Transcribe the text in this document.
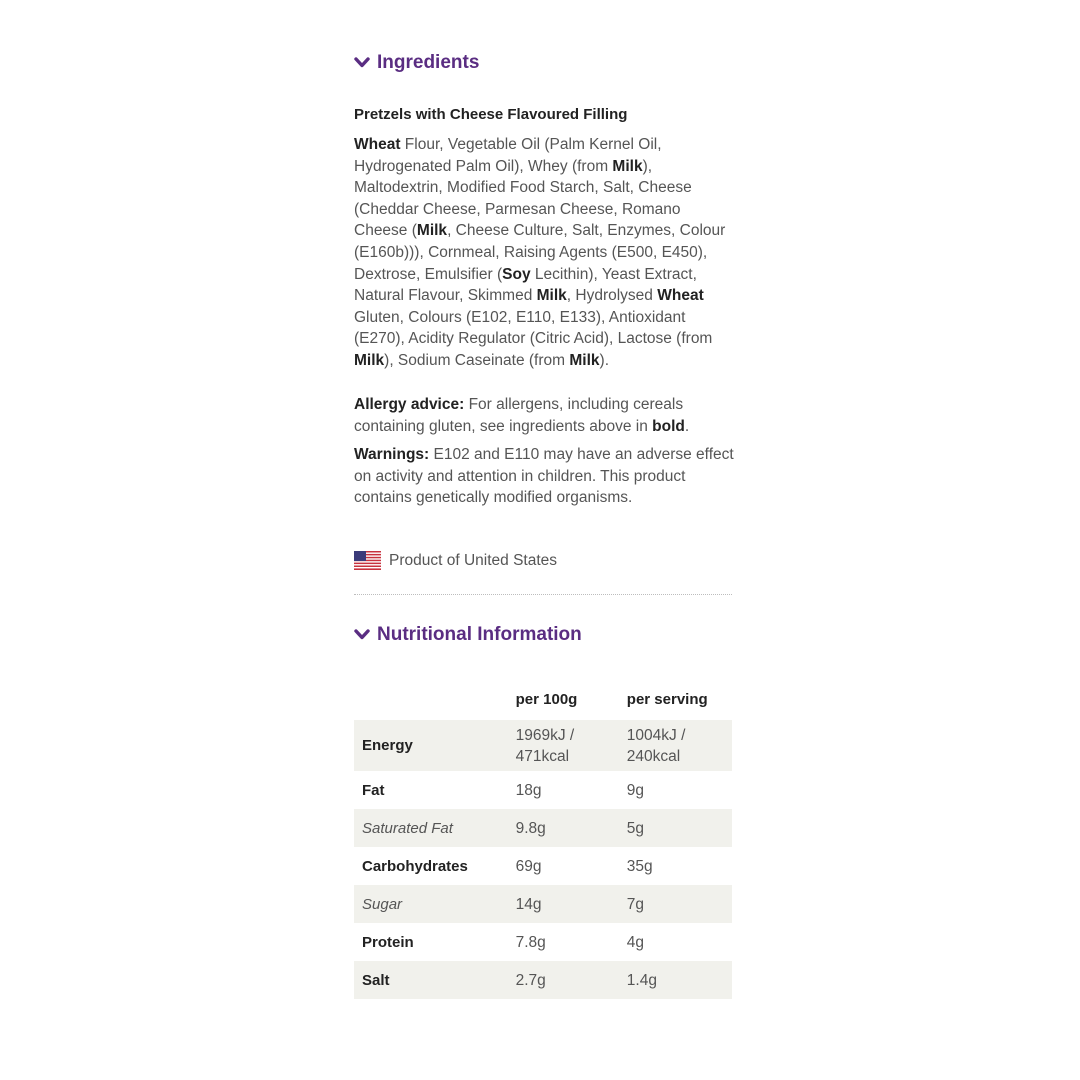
Ingredients
Pretzels with Cheese Flavoured Filling
Wheat Flour, Vegetable Oil (Palm Kernel Oil, Hydrogenated Palm Oil), Whey (from Milk), Maltodextrin, Modified Food Starch, Salt, Cheese (Cheddar Cheese, Parmesan Cheese, Romano Cheese (Milk, Cheese Culture, Salt, Enzymes, Colour (E160b))), Cornmeal, Raising Agents (E500, E450), Dextrose, Emulsifier (Soy Lecithin), Yeast Extract, Natural Flavour, Skimmed Milk, Hydrolysed Wheat Gluten, Colours (E102, E110, E133), Antioxidant (E270), Acidity Regulator (Citric Acid), Lactose (from Milk), Sodium Caseinate (from Milk).
Allergy advice: For allergens, including cereals containing gluten, see ingredients above in bold.
Warnings: E102 and E110 may have an adverse effect on activity and attention in children. This product contains genetically modified organisms.
Product of United States
Nutritional Information
	per 100g	per serving
Energy	1969kJ / 471kcal	1004kJ / 240kcal
Fat	18g	9g
Saturated Fat	9.8g	5g
Carbohydrates	69g	35g
Sugar	14g	7g
Protein	7.8g	4g
Salt	2.7g	1.4g
